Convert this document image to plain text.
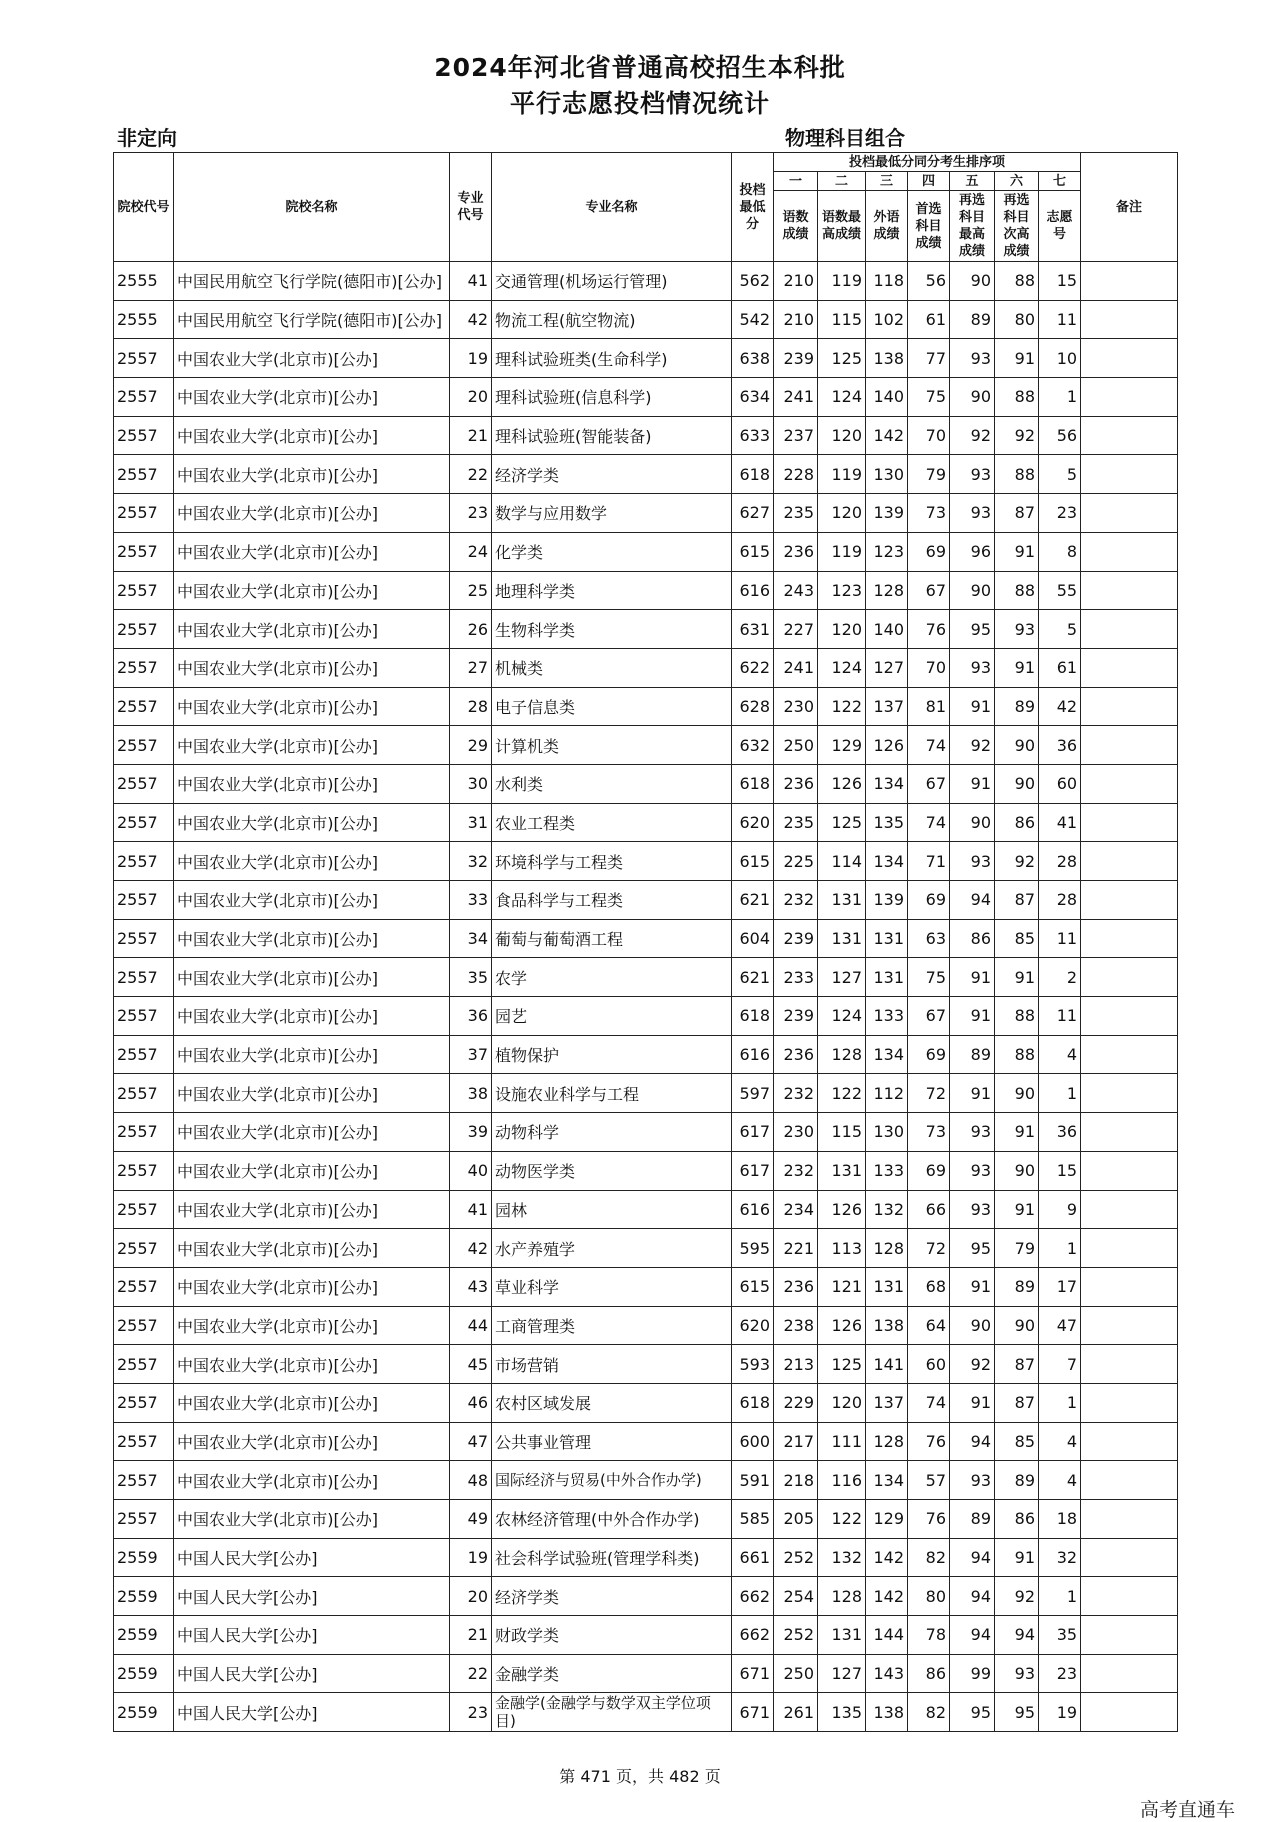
2024年河北省普通高校招生本科批
平行志愿投档情况统计
非定向	物理科目组合
院校代号	院校名称	专业代号	专业名称	投档最低分	投档最低分同分考生排序项							备注
					一	二	三	四	五	六	七	
					语数成绩	语数最高成绩	外语成绩	首选科目成绩	再选科目最高成绩	再选科目次高成绩	志愿号	
2555	中国民用航空飞行学院(德阳市)[公办]	41	交通管理(机场运行管理)	562	210	119	118	56	90	88	15	
2555	中国民用航空飞行学院(德阳市)[公办]	42	物流工程(航空物流)	542	210	115	102	61	89	80	11	
2557	中国农业大学(北京市)[公办]	19	理科试验班类(生命科学)	638	239	125	138	77	93	91	10	
2557	中国农业大学(北京市)[公办]	20	理科试验班(信息科学)	634	241	124	140	75	90	88	1	
2557	中国农业大学(北京市)[公办]	21	理科试验班(智能装备)	633	237	120	142	70	92	92	56	
2557	中国农业大学(北京市)[公办]	22	经济学类	618	228	119	130	79	93	88	5	
2557	中国农业大学(北京市)[公办]	23	数学与应用数学	627	235	120	139	73	93	87	23	
2557	中国农业大学(北京市)[公办]	24	化学类	615	236	119	123	69	96	91	8	
2557	中国农业大学(北京市)[公办]	25	地理科学类	616	243	123	128	67	90	88	55	
2557	中国农业大学(北京市)[公办]	26	生物科学类	631	227	120	140	76	95	93	5	
2557	中国农业大学(北京市)[公办]	27	机械类	622	241	124	127	70	93	91	61	
2557	中国农业大学(北京市)[公办]	28	电子信息类	628	230	122	137	81	91	89	42	
2557	中国农业大学(北京市)[公办]	29	计算机类	632	250	129	126	74	92	90	36	
2557	中国农业大学(北京市)[公办]	30	水利类	618	236	126	134	67	91	90	60	
2557	中国农业大学(北京市)[公办]	31	农业工程类	620	235	125	135	74	90	86	41	
2557	中国农业大学(北京市)[公办]	32	环境科学与工程类	615	225	114	134	71	93	92	28	
2557	中国农业大学(北京市)[公办]	33	食品科学与工程类	621	232	131	139	69	94	87	28	
2557	中国农业大学(北京市)[公办]	34	葡萄与葡萄酒工程	604	239	131	131	63	86	85	11	
2557	中国农业大学(北京市)[公办]	35	农学	621	233	127	131	75	91	91	2	
2557	中国农业大学(北京市)[公办]	36	园艺	618	239	124	133	67	91	88	11	
2557	中国农业大学(北京市)[公办]	37	植物保护	616	236	128	134	69	89	88	4	
2557	中国农业大学(北京市)[公办]	38	设施农业科学与工程	597	232	122	112	72	91	90	1	
2557	中国农业大学(北京市)[公办]	39	动物科学	617	230	115	130	73	93	91	36	
2557	中国农业大学(北京市)[公办]	40	动物医学类	617	232	131	133	69	93	90	15	
2557	中国农业大学(北京市)[公办]	41	园林	616	234	126	132	66	93	91	9	
2557	中国农业大学(北京市)[公办]	42	水产养殖学	595	221	113	128	72	95	79	1	
2557	中国农业大学(北京市)[公办]	43	草业科学	615	236	121	131	68	91	89	17	
2557	中国农业大学(北京市)[公办]	44	工商管理类	620	238	126	138	64	90	90	47	
2557	中国农业大学(北京市)[公办]	45	市场营销	593	213	125	141	60	92	87	7	
2557	中国农业大学(北京市)[公办]	46	农村区域发展	618	229	120	137	74	91	87	1	
2557	中国农业大学(北京市)[公办]	47	公共事业管理	600	217	111	128	76	94	85	4	
2557	中国农业大学(北京市)[公办]	48	国际经济与贸易(中外合作办学)	591	218	116	134	57	93	89	4	
2557	中国农业大学(北京市)[公办]	49	农林经济管理(中外合作办学)	585	205	122	129	76	89	86	18	
2559	中国人民大学[公办]	19	社会科学试验班(管理学科类)	661	252	132	142	82	94	91	32	
2559	中国人民大学[公办]	20	经济学类	662	254	128	142	80	94	92	1	
2559	中国人民大学[公办]	21	财政学类	662	252	131	144	78	94	94	35	
2559	中国人民大学[公办]	22	金融学类	671	250	127	143	86	99	93	23	
2559	中国人民大学[公办]	23	金融学(金融学与数学双主学位项目)	671	261	135	138	82	95	95	19	
第 471 页，共 482 页
高考直通车
